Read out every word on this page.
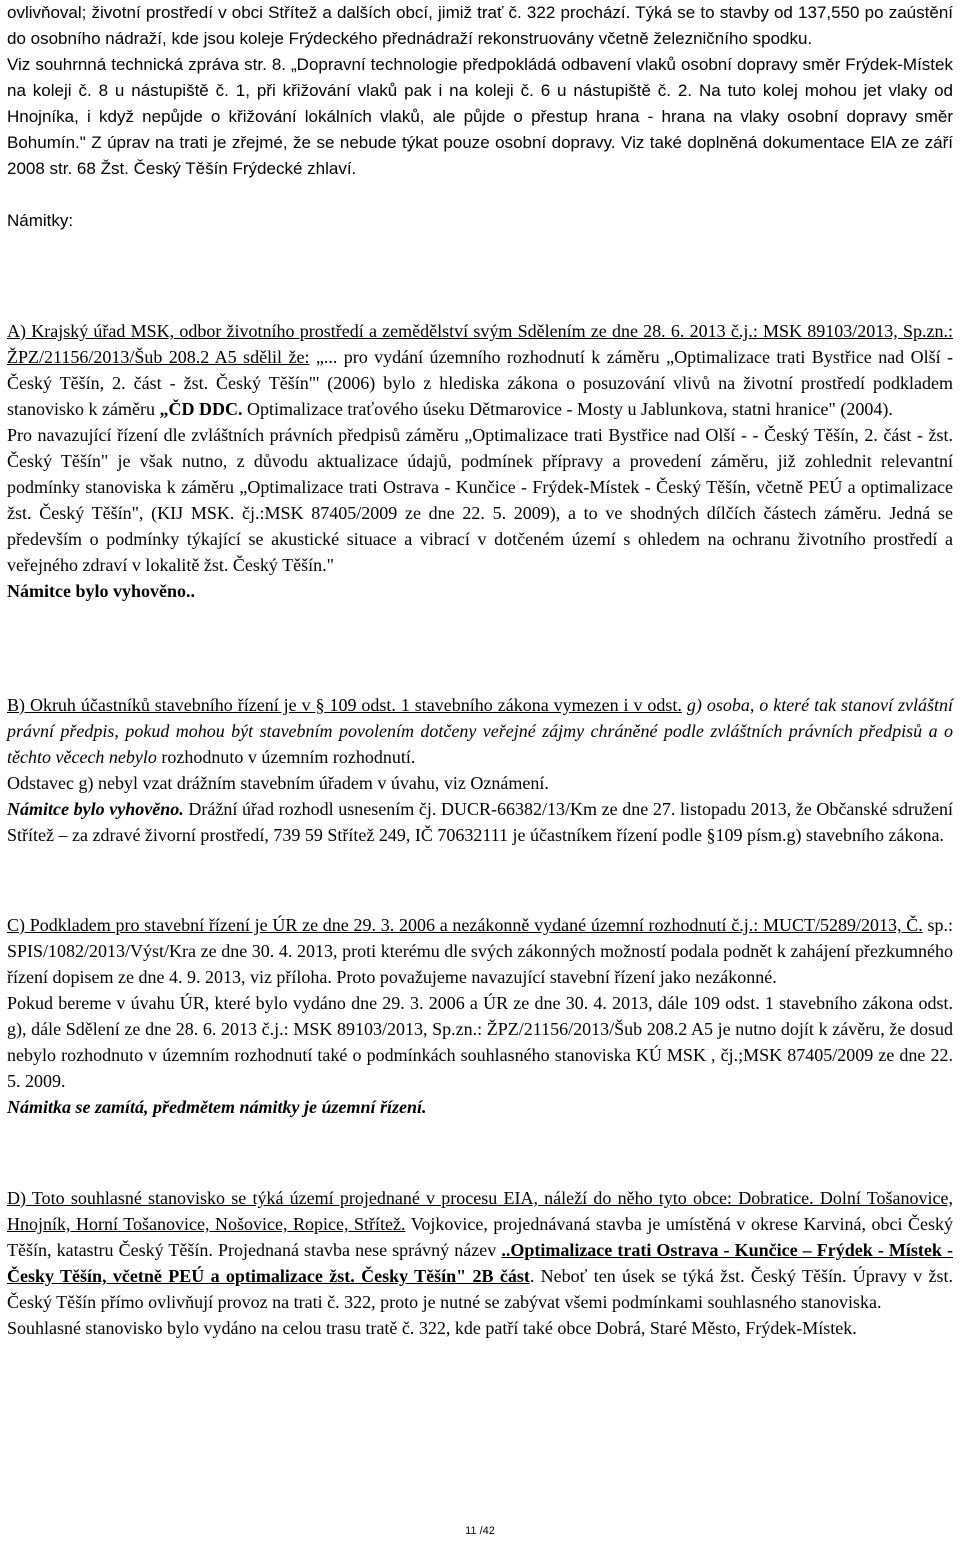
ovlivňoval; životní prostředí v obci Střítež a dalších obcí, jimiž trať č. 322 prochází. Týká se to stavby od 137,550 po zaústění do osobního nádraží, kde jsou koleje Frýdeckého přednádraží rekonstruovány včetně železničního spodku.

Viz souhrnná technická zpráva str. 8. „Dopravní technologie předpokládá odbavení vlaků osobní dopravy směr Frýdek-Místek na koleji č. 8 u nástupiště č. 1, při křižování vlaků pak i na koleji č. 6 u nástupiště č. 2. Na tuto kolej mohou jet vlaky od Hnojníka, i když nepůjde o křižování lokálních vlaků, ale půjde o přestup hrana - hrana na vlaky osobní dopravy směr Bohumín." Z úprav na trati je zřejmé, že se nebude týkat pouze osobní dopravy. Viz také doplněná dokumentace ElA ze září 2008 str. 68 Žst. Český Těšín Frýdecké zhlaví.

Námitky:

A) Krajský úřad MSK, odbor životního prostředí a zemědělství svým Sdělením ze dne 28. 6. 2013 č.j.: MSK 89103/2013, Sp.zn.: ŽPZ/21156/2013/Šub 208.2 A5 sdělil že: „... pro vydání územního rozhodnutí k záměru „Optimalizace trati Bystřice nad Olší - Český Těšín, 2. část - žst. Český Těšín"' (2006) bylo z hlediska zákona o posuzování vlivů na životní prostředí podkladem stanovisko k záměru „ČD DDC. Optimalizace traťového úseku Dětmarovice - Mosty u Jablunkova, statni hranice" (2004).

Pro navazující řízení dle zvláštních právních předpisů záměru „Optimalizace trati Bystřice nad Olší - - Český Těšín, 2. část - žst. Český Těšín" je však nutno, z důvodu aktualizace údajů, podmínek přípravy a provedení záměru, již zohlednit relevantní podmínky stanoviska k záměru „Optimalizace trati Ostrava - Kunčice - Frýdek-Místek - Český Těšín, včetně PEÚ a optimalizace žst. Český Těšín", (KIJ MSK. čj.:MSK 87405/2009 ze dne 22. 5. 2009), a to ve shodných dílčích částech záměru. Jedná se především o podmínky týkající se akustické situace a vibrací v dotčeném území s ohledem na ochranu životního prostředí a veřejného zdraví v lokalitě žst. Český Těšín."

Námitce bylo vyhověno..

B) Okruh účastníků stavebního řízení je v § 109 odst. 1 stavebního zákona vymezen i v odst. g) osoba, o které tak stanoví zvláštní právní předpis, pokud mohou být stavebním povolením dotčeny veřejné zájmy chráněné podle zvláštních právních předpisů a o těchto věcech nebylo rozhodnuto v územním rozhodnutí.

Odstavec g) nebyl vzat drážním stavebním úřadem v úvahu, viz Oznámení.

Námitce bylo vyhověno. Drážní úřad rozhodl usnesením čj. DUCR-66382/13/Km ze dne 27. listopadu 2013, že Občanské sdružení Střítež – za zdravé živorní prostředí, 739 59 Střítež 249, IČ 70632111 je účastníkem řízení podle §109 písm.g) stavebního zákona.

C) Podkladem pro stavební řízení je ÚR ze dne 29. 3. 2006 a nezákonně vydané územní rozhodnutí č.j.: MUCT/5289/2013, Č. sp.: SPIS/1082/2013/Výst/Kra ze dne 30. 4. 2013, proti kterému dle svých zákonných možností podala podnět k zahájení přezkumného řízení dopisem ze dne 4. 9. 2013, viz příloha. Proto považujeme navazující stavební řízení jako nezákonné.

Pokud bereme v úvahu ÚR, které bylo vydáno dne 29. 3. 2006 a ÚR ze dne 30. 4. 2013, dále 109 odst. 1 stavebního zákona odst. g), dále Sdělení ze dne 28. 6. 2013 č.j.: MSK 89103/2013, Sp.zn.: ŽPZ/21156/2013/Šub 208.2 A5 je nutno dojít k závěru, že dosud nebylo rozhodnuto v územním rozhodnutí také o podmínkách souhlasného stanoviska KÚ MSK , čj.;MSK 87405/2009 ze dne 22. 5. 2009.

Námitka se zamítá, předmětem námitky je územní řízení.

D) Toto souhlasné stanovisko se týká území projednané v procesu EIA, náleží do něho tyto obce: Dobratice. Dolní Tošanovice, Hnojník, Horní Tošanovice, Nošovice, Ropice, Střítež. Vojkovice, projednávaná stavba je umístěná v okrese Karviná, obci Český Těšín, katastru Český Těšín. Projednaná stavba nese správný název ..Optimalizace trati Ostrava - Kunčice – Frýdek - Místek - Česky Těšín, včetně PEÚ a optimalizace žst. Česky Těšín" 2B část. Neboť ten úsek se týká žst. Český Těšín. Úpravy v žst. Český Těšín přímo ovlivňují provoz na trati č. 322, proto je nutné se zabývat všemi podmínkami souhlasného stanoviska.

Souhlasné stanovisko bylo vydáno na celou trasu tratě č. 322, kde patří také obce Dobrá, Staré Město, Frýdek-Místek.

11 /42
